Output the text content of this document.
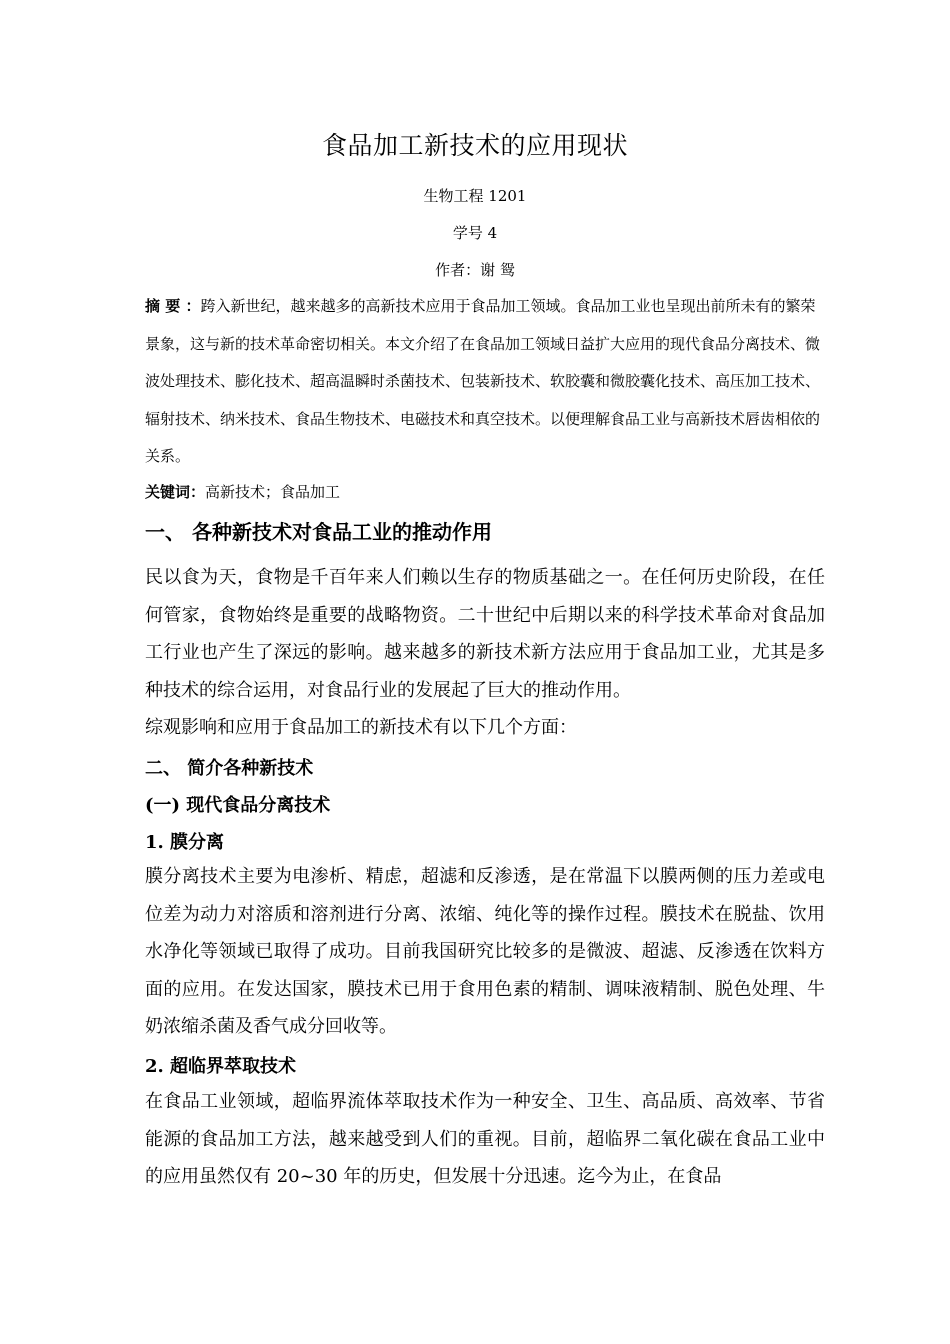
食品加工新技术的应用现状
生物工程 1201
学号 4
作者：谢 鸳
摘 要 ：跨入新世纪，越来越多的高新技术应用于食品加工领域。食品加工业也呈现出前所未有的繁荣景象，这与新的技术革命密切相关。本文介绍了在食品加工领域日益扩大应用的现代食品分离技术、微波处理技术、膨化技术、超高温瞬时杀菌技术、包装新技术、软胶囊和微胶囊化技术、高压加工技术、辐射技术、纳米技术、食品生物技术、电磁技术和真空技术。以便理解食品工业与高新技术唇齿相依的关系。
关键词：高新技术；食品加工
一、 各种新技术对食品工业的推动作用
民以食为天，食物是千百年来人们赖以生存的物质基础之一。在任何历史阶段，在任何管家，食物始终是重要的战略物资。二十世纪中后期以来的科学技术革命对食品加工行业也产生了深远的影响。越来越多的新技术新方法应用于食品加工业，尤其是多种技术的综合运用，对食品行业的发展起了巨大的推动作用。
综观影响和应用于食品加工的新技术有以下几个方面：
二、 简介各种新技术
(一) 现代食品分离技术
1. 膜分离
膜分离技术主要为电渗析、精虑，超滤和反渗透，是在常温下以膜两侧的压力差或电位差为动力对溶质和溶剂进行分离、浓缩、纯化等的操作过程。膜技术在脱盐、饮用水净化等领域已取得了成功。目前我国研究比较多的是微波、超滤、反渗透在饮料方面的应用。在发达国家，膜技术已用于食用色素的精制、调味液精制、脱色处理、牛奶浓缩杀菌及香气成分回收等。
2. 超临界萃取技术
在食品工业领域，超临界流体萃取技术作为一种安全、卫生、高品质、高效率、节省能源的食品加工方法，越来越受到人们的重视。目前，超临界二氧化碳在食品工业中的应用虽然仅有 20~30 年的历史，但发展十分迅速。迄今为止，在食品
